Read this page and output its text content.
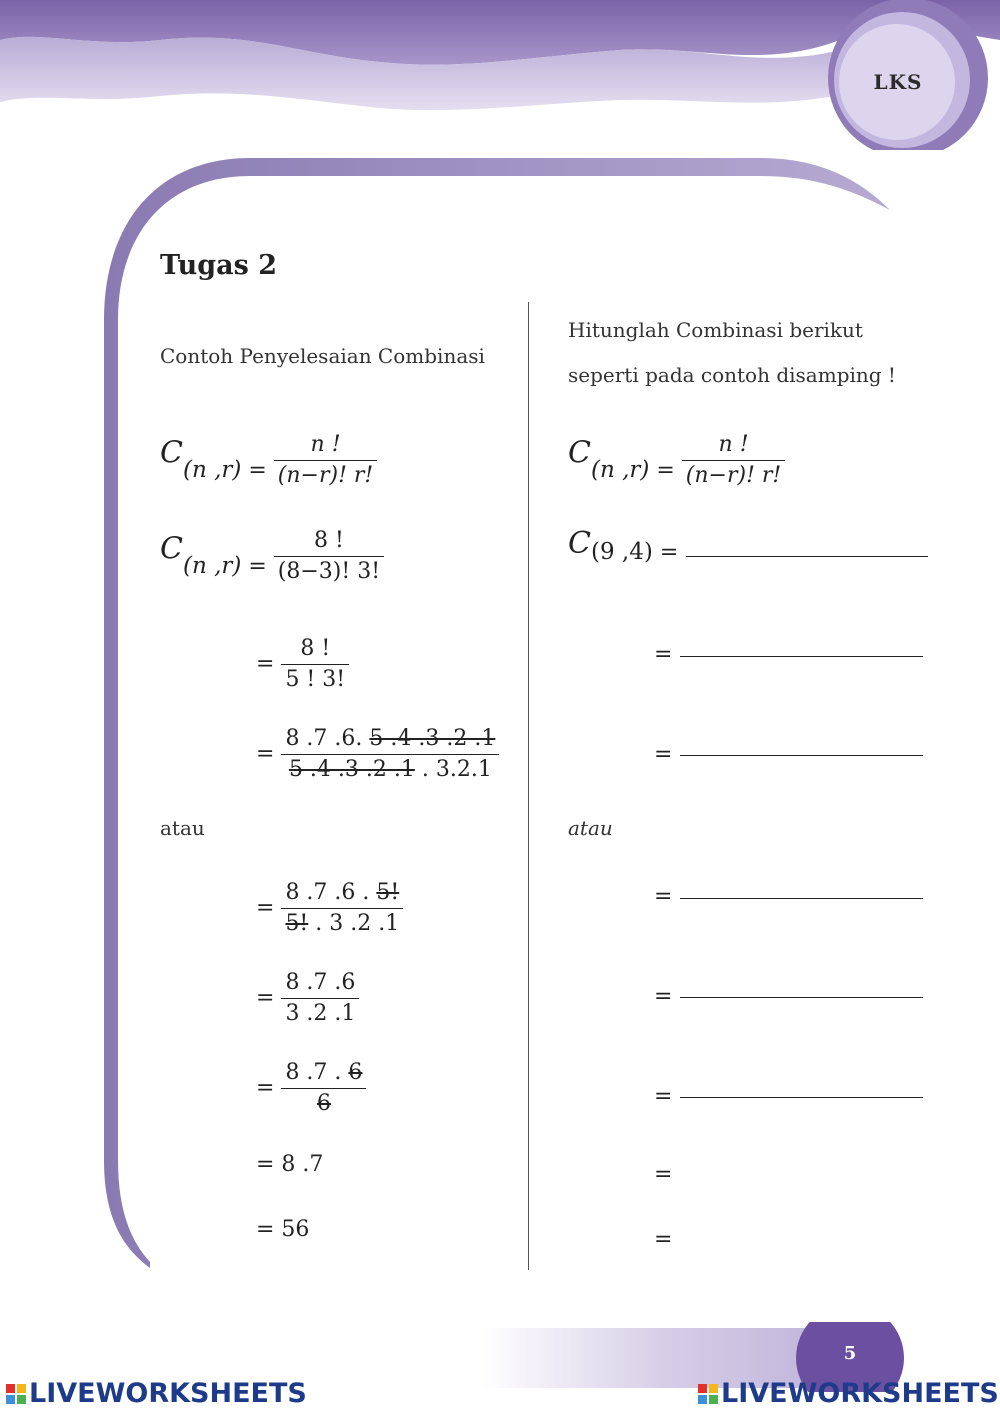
LKS
Tugas 2
Contoh Penyelesaian Combinasi
C(n $,r) = \frac{n !}{(n-r)! r!}$
C(n $,r) = \frac{8 !}{(8-3)! 3!}$
= $\frac{8 !}{5 ! 3!}$
= $\frac{8 .7 .6. 5 .4 .3 .2 .1}{5 .4 .3 .2 .1 . 3.2.1}$
atau
= $\frac{8 .7 .6 . 5!}{5! . 3 .2 .1}$
= $\frac{8 .7 .6}{3 .2 .1}$
= $\frac{8 .7 . 6}{6}$
= 8 .7
= 56
Hitunglah Combinasi berikut
seperti pada contoh disamping !
C(n $,r) = \frac{n !}{(n-r)! r!}$
C(9 ,4) =
=
=
atau
=
=
=
=
=
5
LIVEWORKSHEETS	LIVEWORKSHEETS
